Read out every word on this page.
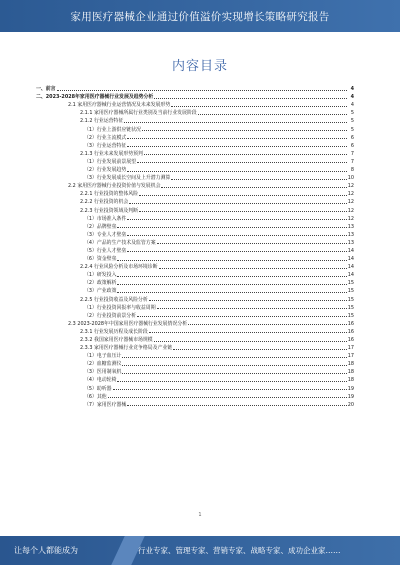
家用医疗器械企业通过价值溢价实现增长策略研究报告
内容目录
一、前言	4
二、2023-2028年家用医疗器械行业发展及趋势分析	4
2.1 家用医疗器械行业运营情况及未来发展形势	4
2.1.1 家用医疗器械所属行业类别及当前行业发展阶段	5
2.1.2 行业运营特征	5
（1）行业上游供应链状况	5
（2）行业主流模式	6
（3）行业运营特征	6
2.1.3 行业未来发展形势预判	7
（1）行业发展前景展望	7
（2）行业发展趋势	8
（3）行业发展成长空间及上升潜力测算	10
2.2 家用医疗器械行业投资价值与发展机会	12
2.2.1 行业投资的整体风险	12
2.2.2 行业投资的机会	12
2.2.3 行业投资领域及判断	12
（1）市场准入条件	12
（2）品牌壁垒	13
（3）专业人才壁垒	13
（4）产品的生产技术及监管方案	13
（5）行业人才壁垒	14
（6）资金壁垒	14
2.2.4 行业风险分析及市场环境诊断	14
（1）研发投入	14
（2）政策解析	15
（3）产业政策	15
2.2.5 行业投资收益及风险分析	15
（1）行业投资回报率与收益周期	15
（2）行业投资前景分析	15
2.3 2023-2028年中国家用医疗器械行业发展情况分析	16
2.3.1 行业发展历程及成长阶段	16
2.3.2 我国家用医疗器械市场规模	16
2.3.3 家用医疗器械行业竞争格局及产业链	17
（1）电子血压计	17
（2）血糖监测仪	18
（3）医用制氧机	18
（4）电动轮椅	18
（5）助听器	19
（6）其他	19
（7）家用医疗器械	20
1
让每个人都能成为	行业专家、管理专家、营销专家、战略专家、成功企业家……
